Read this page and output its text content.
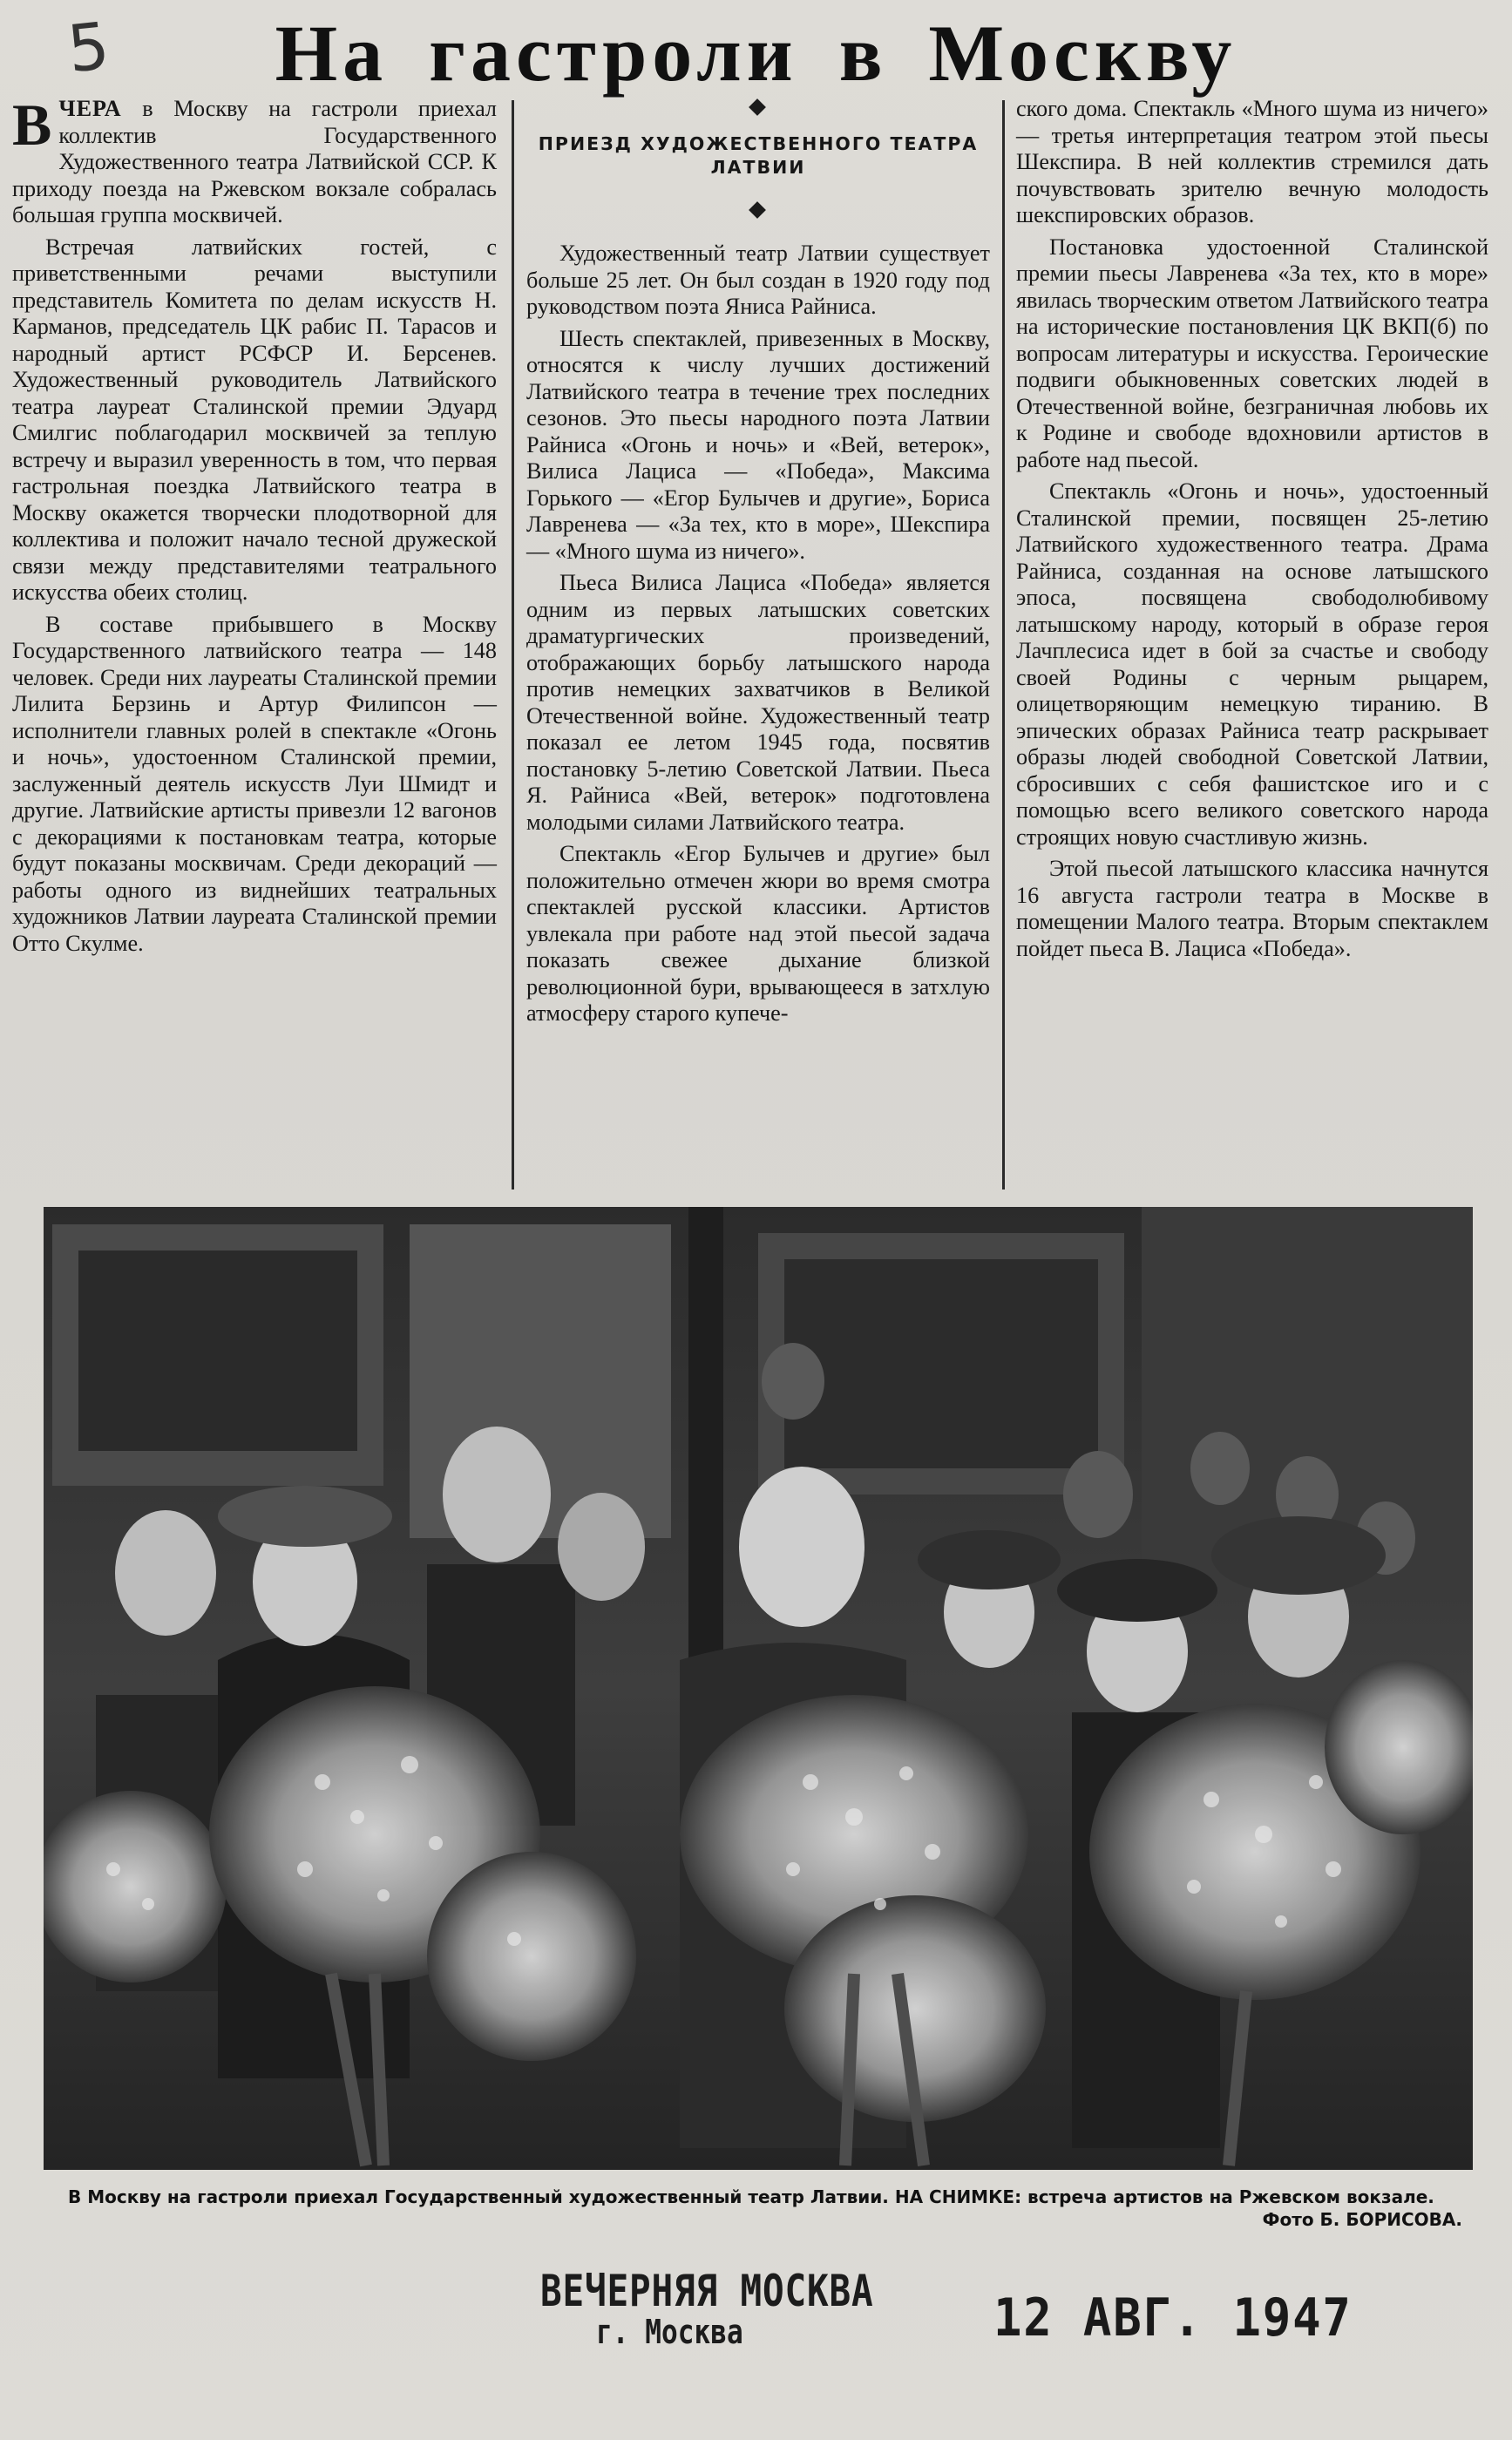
5	На гастроли в Москву

ВЧЕРА в Москву на гастроли приехал коллектив Государственного Художественного театра Латвийской ССР. К приходу поезда на Ржевском вокзале собралась большая группа москвичей.

Встречая латвийских гостей, с приветственными речами выступили представитель Комитета по делам искусств Н. Карманов, председатель ЦК рабис П. Тарасов и народный артист РСФСР И. Берсенев. Художественный руководитель Латвийского театра лауреат Сталинской премии Эдуард Смилгис поблагодарил москвичей за теплую встречу и выразил уверенность в том, что первая гастрольная поездка Латвийского театра в Москву окажется творчески плодотворной для коллектива и положит начало тесной дружеской связи между представителями театрального искусства обеих столиц.

В составе прибывшего в Москву Государственного латвийского театра — 148 человек. Среди них лауреаты Сталинской премии Лилита Берзинь и Артур Филипсон — исполнители главных ролей в спектакле «Огонь и ночь», удостоенном Сталинской премии, заслуженный деятель искусств Луи Шмидт и другие. Латвийские артисты привезли 12 вагонов с декорациями к постановкам театра, которые будут показаны москвичам. Среди декораций — работы одного из виднейших театральных художников Латвии лауреата Сталинской премии Отто Скулме.

ПРИЕЗД ХУДОЖЕСТВЕННОГО ТЕАТРА ЛАТВИИ

Художественный театр Латвии существует больше 25 лет. Он был создан в 1920 году под руководством поэта Яниса Райниса.

Шесть спектаклей, привезенных в Москву, относятся к числу лучших достижений Латвийского театра в течение трех последних сезонов. Это пьесы народного поэта Латвии Райниса «Огонь и ночь» и «Вей, ветерок», Вилиса Лациса — «Победа», Максима Горького — «Егор Булычев и другие», Бориса Лавренева — «За тех, кто в море», Шекспира — «Много шума из ничего».

Пьеса Вилиса Лациса «Победа» является одним из первых латышских советских драматургических произведений, отображающих борьбу латышского народа против немецких захватчиков в Великой Отечественной войне. Художественный театр показал ее летом 1945 года, посвятив постановку 5-летию Советской Латвии. Пьеса Я. Райниса «Вей, ветерок» подготовлена молодыми силами Латвийского театра.

Спектакль «Егор Булычев и другие» был положительно отмечен жюри во время смотра спектаклей русской классики. Артистов увлекала при работе над этой пьесой задача показать свежее дыхание близкой революционной бури, врывающееся в затхлую атмосферу старого купече-

ского дома. Спектакль «Много шума из ничего» — третья интерпретация театром этой пьесы Шекспира. В ней коллектив стремился дать почувствовать зрителю вечную молодость шекспировских образов.

Постановка удостоенной Сталинской премии пьесы Лавренева «За тех, кто в море» явилась творческим ответом Латвийского театра на исторические постановления ЦК ВКП(б) по вопросам литературы и искусства. Героические подвиги обыкновенных советских людей в Отечественной войне, безграничная любовь их к Родине и свободе вдохновили артистов в работе над пьесой.

Спектакль «Огонь и ночь», удостоенный Сталинской премии, посвящен 25-летию Латвийского художественного театра. Драма Райниса, созданная на основе латышского эпоса, посвящена свободолюбивому латышскому народу, который в образе героя Лачплесиса идет в бой за счастье и свободу своей Родины с черным рыцарем, олицетворяющим немецкую тиранию. В эпических образах Райниса театр раскрывает образы людей свободной Советской Латвии, сбросивших с себя фашистское иго и с помощью всего великого советского народа строящих новую счастливую жизнь.

Этой пьесой латышского классика начнутся 16 августа гастроли театра в Москве в помещении Малого театра. Вторым спектаклем пойдет пьеса В. Лациса «Победа».

В Москву на гастроли приехал Государственный художественный театр Латвии. НА СНИМКЕ: встреча артистов на Ржевском вокзале.
Фото Б. БОРИСОВА.
ВЕЧЕРНЯЯ МОСКВА
г. Москва	12 АВГ. 1947
